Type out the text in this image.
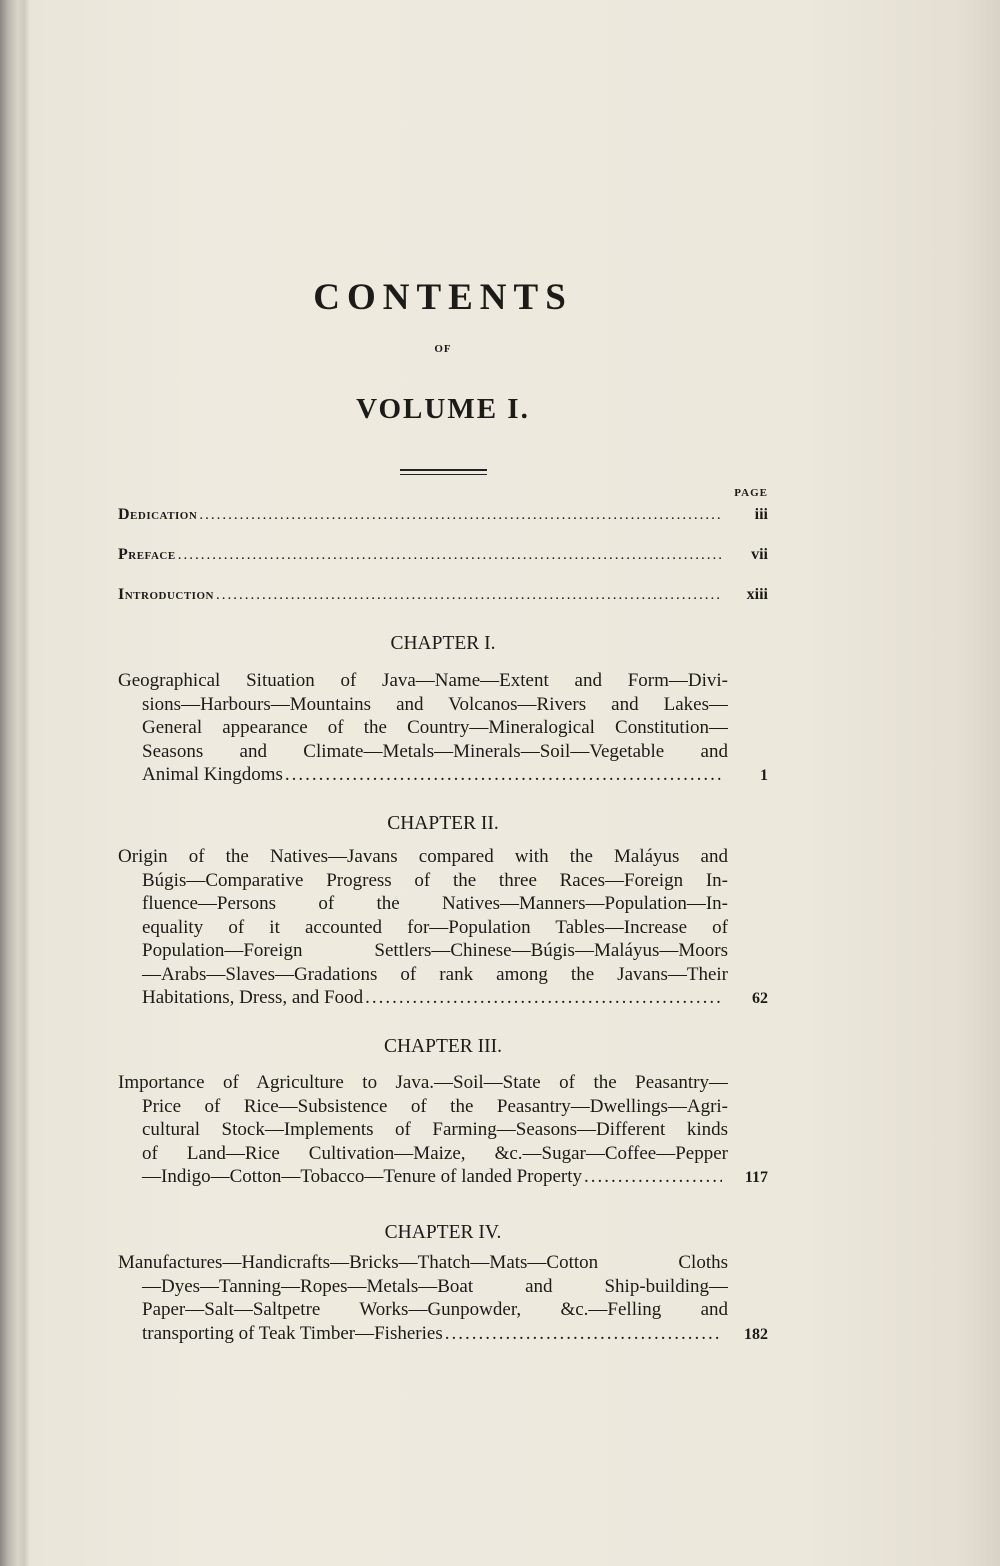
CONTENTS
OF
VOLUME I.
PAGE
Dedication .....	iii
Preface .....	vii
Introduction .....	xiii
CHAPTER I.
Geographical Situation of Java—Name—Extent and Form—Divi-
sions—Harbours—Mountains and Volcanos—Rivers and Lakes—
General appearance of the Country—Mineralogical Constitution—
Seasons and Climate—Metals—Minerals—Soil—Vegetable and
Animal Kingdoms .....	1
CHAPTER II.
Origin of the Natives—Javans compared with the Maláyus and
Búgis—Comparative Progress of the three Races—Foreign In-
fluence—Persons of the Natives—Manners—Population—In-
equality of it accounted for—Population Tables—Increase of
Population—Foreign Settlers—Chinese—Búgis—Maláyus—Moors
—Arabs—Slaves—Gradations of rank among the Javans—Their
Habitations, Dress, and Food .....	62
CHAPTER III.
Importance of Agriculture to Java.—Soil—State of the Peasantry—
Price of Rice—Subsistence of the Peasantry—Dwellings—Agri-
cultural Stock—Implements of Farming—Seasons—Different kinds
of Land—Rice Cultivation—Maize, &c.—Sugar—Coffee—Pepper
—Indigo—Cotton—Tobacco—Tenure of landed Property .....	117
CHAPTER IV.
Manufactures—Handicrafts—Bricks—Thatch—Mats—Cotton Cloths
—Dyes—Tanning—Ropes—Metals—Boat and Ship-building—
Paper—Salt—Saltpetre Works—Gunpowder, &c.—Felling and
transporting of Teak Timber—Fisheries .....	182
